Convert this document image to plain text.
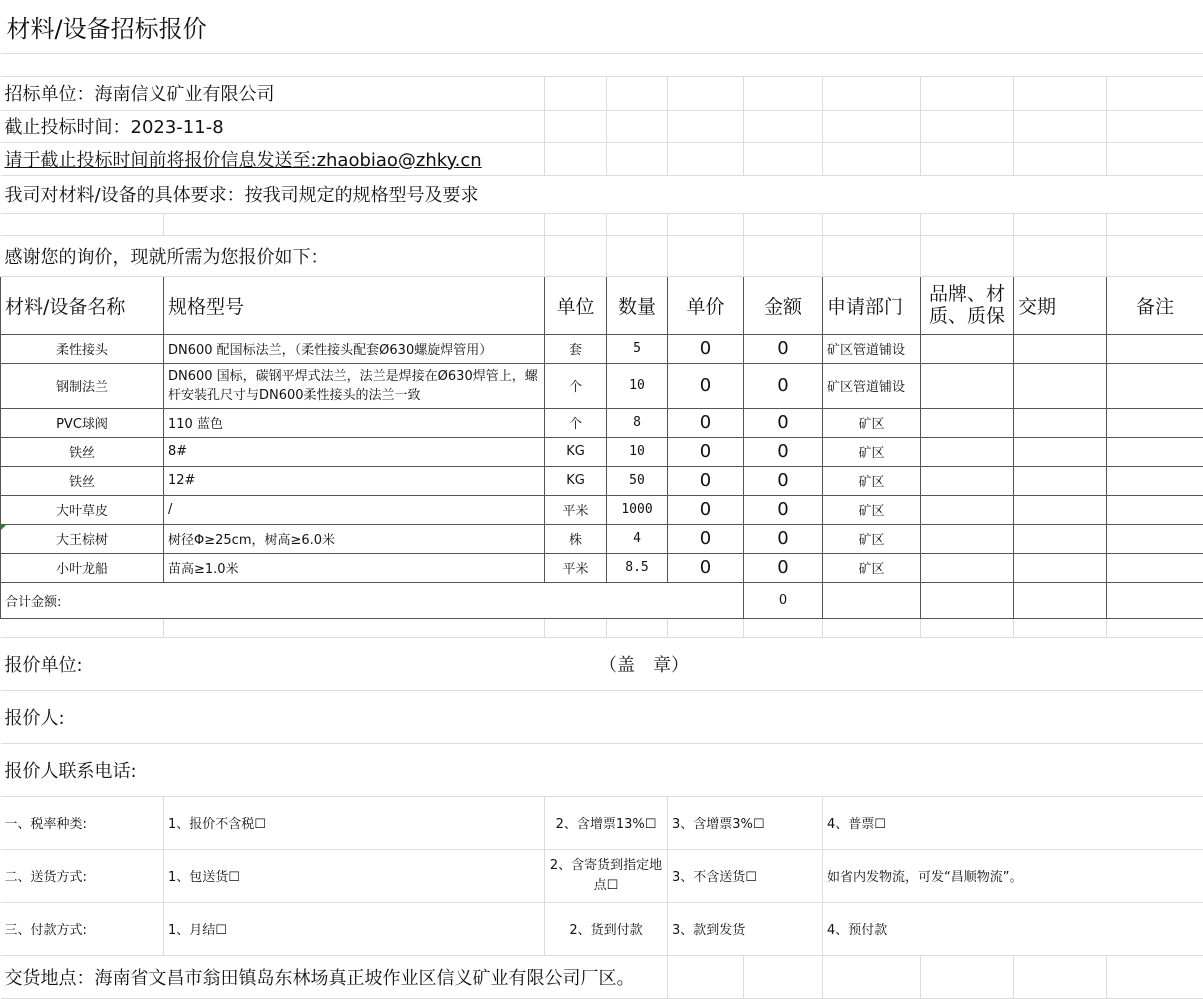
材料/设备招标报价									

招标单位：海南信义矿业有限公司									
截止投标时间：2023-11-8									
请于截止投标时间前将报价信息发送至:zhaobiao@zhky.cn									
我司对材料/设备的具体要求：按我司规定的规格型号及要求									

感谢您的询价，现就所需为您报价如下：									
材料/设备名称	规格型号	单位	数量	单价	金额	申请部门	品牌、材质、质保	交期	备注
柔性接头	DN600 配国标法兰，（柔性接头配套Ø630螺旋焊管用）	套	5	0	0	矿区管道铺设			
钢制法兰	DN600 国标，碳钢平焊式法兰，法兰是焊接在Ø630焊管上，螺杆安装孔尺寸与DN600柔性接头的法兰一致	个	10	0	0	矿区管道铺设			
PVC球阀	110 蓝色	个	8	0	0	矿区			
铁丝	8#	KG	10	0	0	矿区			
铁丝	12#	KG	50	0	0	矿区			
大叶草皮	/	平米	1000	0	0	矿区			
大王棕树	树径Φ≥25cm，树高≥6.0米	株	4	0	0	矿区			
小叶龙船	苗高≥1.0米	平米	8.5	0	0	矿区			
合计金额:					0				

报价单位:		（盖　章）							
报价人:									
报价人联系电话:									
一、税率种类:	1、报价不含税☐	2、含增票13%☐		3、含增票3%☐		4、普票☐			
二、送货方式:	1、包送货☐	2、含寄货到指定地点☐		3、不含送货☐		如省内发物流，可发“昌顺物流”。			
三、付款方式:	1、月结☐	2、货到付款		3、款到发货		4、预付款			
交货地点：海南省文昌市翁田镇岛东林场真正坡作业区信义矿业有限公司厂区。									
